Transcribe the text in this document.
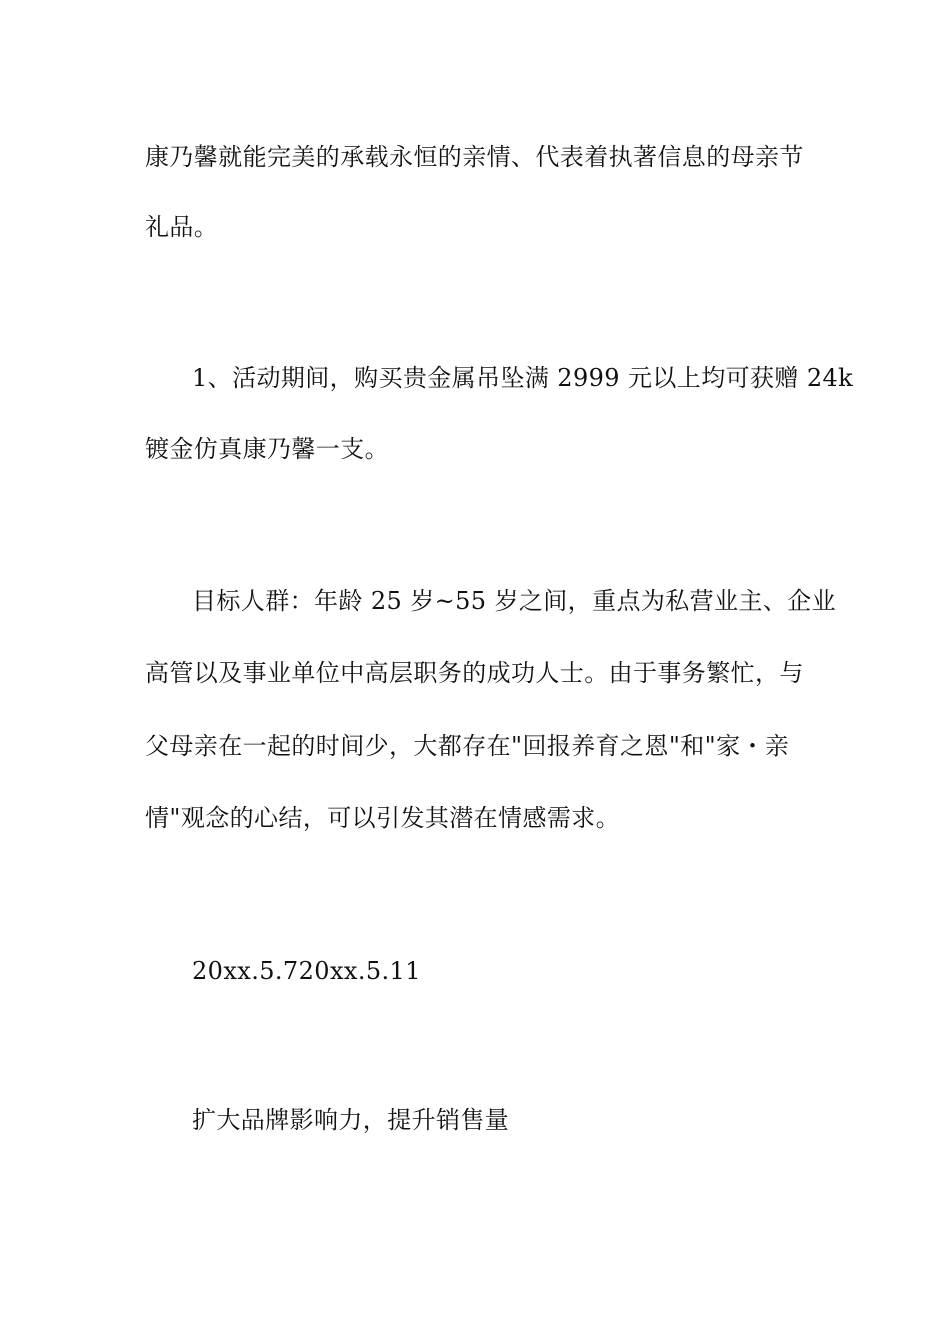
康乃馨就能完美的承载永恒的亲情、代表着执著信息的母亲节
礼品。
1、活动期间，购买贵金属吊坠满 2999 元以上均可获赠 24k
镀金仿真康乃馨一支。
目标人群：年龄 25 岁~55 岁之间，重点为私营业主、企业
高管以及事业单位中高层职务的成功人士。由于事务繁忙，与
父母亲在一起的时间少，大都存在"回报养育之恩"和"家・亲
情"观念的心结，可以引发其潜在情感需求。
20xx.5.720xx.5.11
扩大品牌影响力，提升销售量
